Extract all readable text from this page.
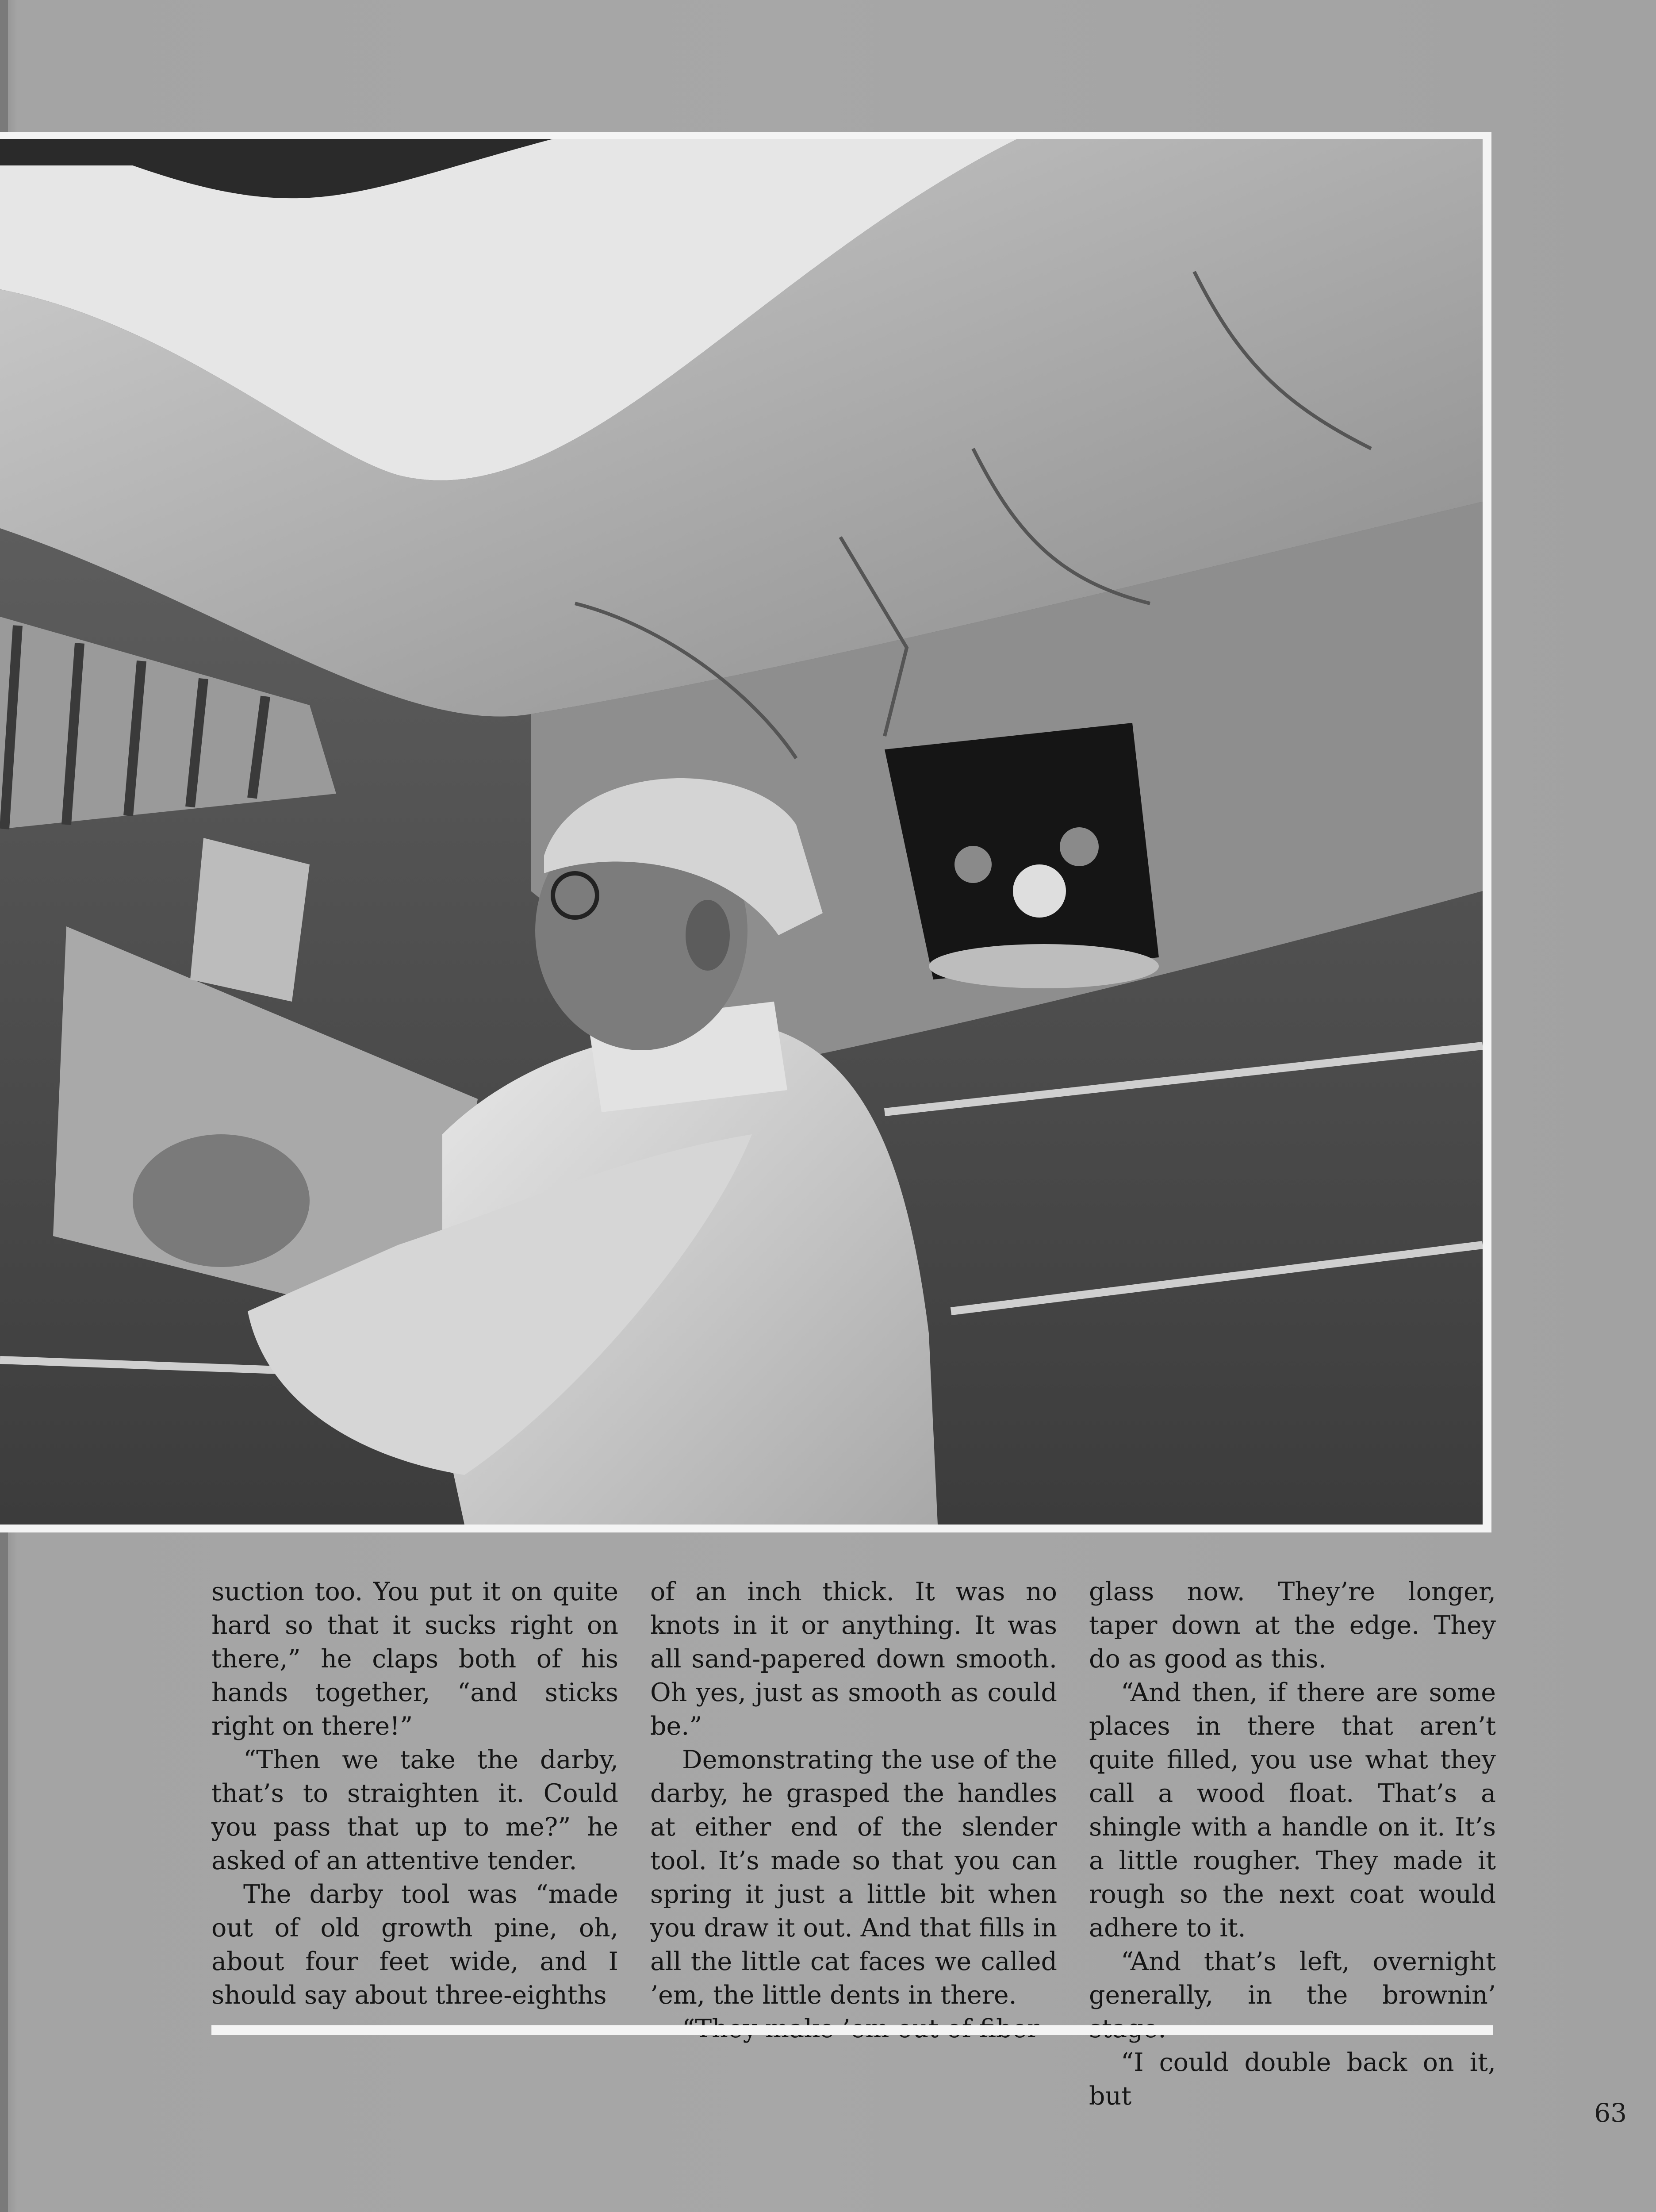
suction too. You put it on quite hard so that it sucks right on there,” he claps both of his hands together, “and sticks right on there!”

“Then we take the darby, that’s to straighten it. Could you pass that up to me?” he asked of an attentive tender.

The darby tool was “made out of old growth pine, oh, about four feet wide, and I should say about three-eighths

of an inch thick. It was no knots in it or anything. It was all sand-papered down smooth. Oh yes, just as smooth as could be.”

Demonstrating the use of the darby, he grasped the handles at either end of the slender tool. It’s made so that you can spring it just a little bit when you draw it out. And that fills in all the little cat faces we called ’em, the little dents in there.

glass now. They’re longer, taper down at the edge. They do as good as this.

“And then, if there are some places in there that aren’t quite filled, you use what they call a wood float. That’s a shingle with a handle on it. It’s a little rougher. They made it rough so the next coat would adhere to it.

“And that’s left, overnight generally, in the brownin’

“I could double back on it, but

63
